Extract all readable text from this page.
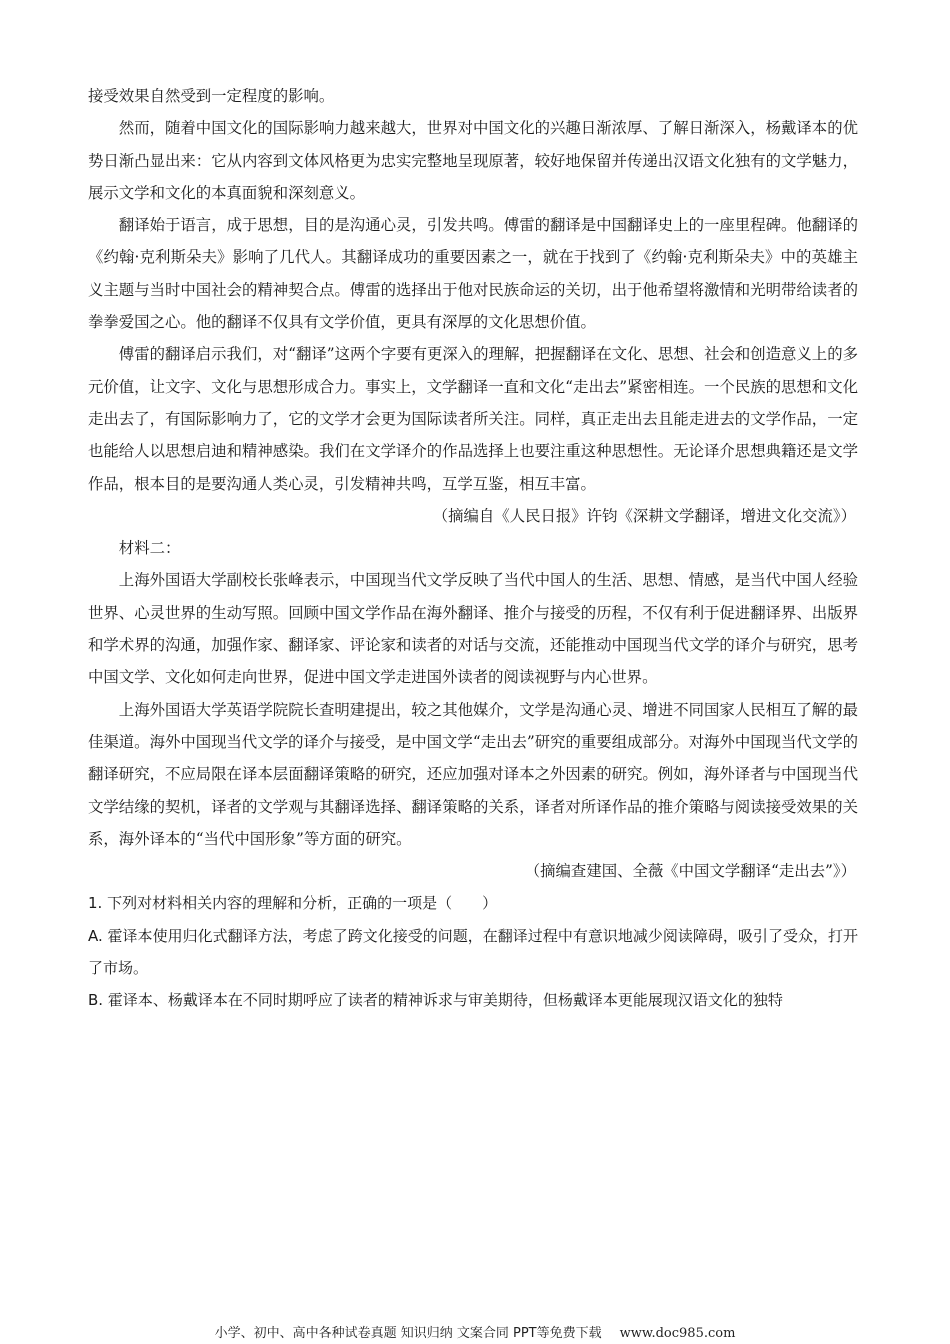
接受效果自然受到一定程度的影响。

然而，随着中国文化的国际影响力越来越大，世界对中国文化的兴趣日渐浓厚、了解日渐深入，杨戴译本的优势日渐凸显出来：它从内容到文体风格更为忠实完整地呈现原著，较好地保留并传递出汉语文化独有的文学魅力，展示文学和文化的本真面貌和深刻意义。

翻译始于语言，成于思想，目的是沟通心灵，引发共鸣。傅雷的翻译是中国翻译史上的一座里程碑。他翻译的《约翰·克利斯朵夫》影响了几代人。其翻译成功的重要因素之一，就在于找到了《约翰·克利斯朵夫》中的英雄主义主题与当时中国社会的精神契合点。傅雷的选择出于他对民族命运的关切，出于他希望将激情和光明带给读者的拳拳爱国之心。他的翻译不仅具有文学价值，更具有深厚的文化思想价值。

傅雷的翻译启示我们，对“翻译”这两个字要有更深入的理解，把握翻译在文化、思想、社会和创造意义上的多元价值，让文字、文化与思想形成合力。事实上，文学翻译一直和文化“走出去”紧密相连。一个民族的思想和文化走出去了，有国际影响力了，它的文学才会更为国际读者所关注。同样，真正走出去且能走进去的文学作品，一定也能给人以思想启迪和精神感染。我们在文学译介的作品选择上也要注重这种思想性。无论译介思想典籍还是文学作品，根本目的是要沟通人类心灵，引发精神共鸣，互学互鉴，相互丰富。

（摘编自《人民日报》许钧《深耕文学翻译，增进文化交流》）

材料二：

上海外国语大学副校长张峰表示，中国现当代文学反映了当代中国人的生活、思想、情感，是当代中国人经验世界、心灵世界的生动写照。回顾中国文学作品在海外翻译、推介与接受的历程，不仅有利于促进翻译界、出版界和学术界的沟通，加强作家、翻译家、评论家和读者的对话与交流，还能推动中国现当代文学的译介与研究，思考中国文学、文化如何走向世界，促进中国文学走进国外读者的阅读视野与内心世界。

上海外国语大学英语学院院长查明建提出，较之其他媒介，文学是沟通心灵、增进不同国家人民相互了解的最佳渠道。海外中国现当代文学的译介与接受，是中国文学“走出去”研究的重要组成部分。对海外中国现当代文学的翻译研究，不应局限在译本层面翻译策略的研究，还应加强对译本之外因素的研究。例如，海外译者与中国现当代文学结缘的契机，译者的文学观与其翻译选择、翻译策略的关系，译者对所译作品的推介策略与阅读接受效果的关系，海外译本的“当代中国形象”等方面的研究。

（摘编查建国、全薇《中国文学翻译“走出去”》）

1. 下列对材料相关内容的理解和分析，正确的一项是（　　）

A. 霍译本使用归化式翻译方法，考虑了跨文化接受的问题，在翻译过程中有意识地减少阅读障碍，吸引了受众，打开了市场。

B. 霍译本、杨戴译本在不同时期呼应了读者的精神诉求与审美期待，但杨戴译本更能展现汉语文化的独特

小学、初中、高中各种试卷真题 知识归纳 文案合同 PPT等免费下载 www.doc985.com
